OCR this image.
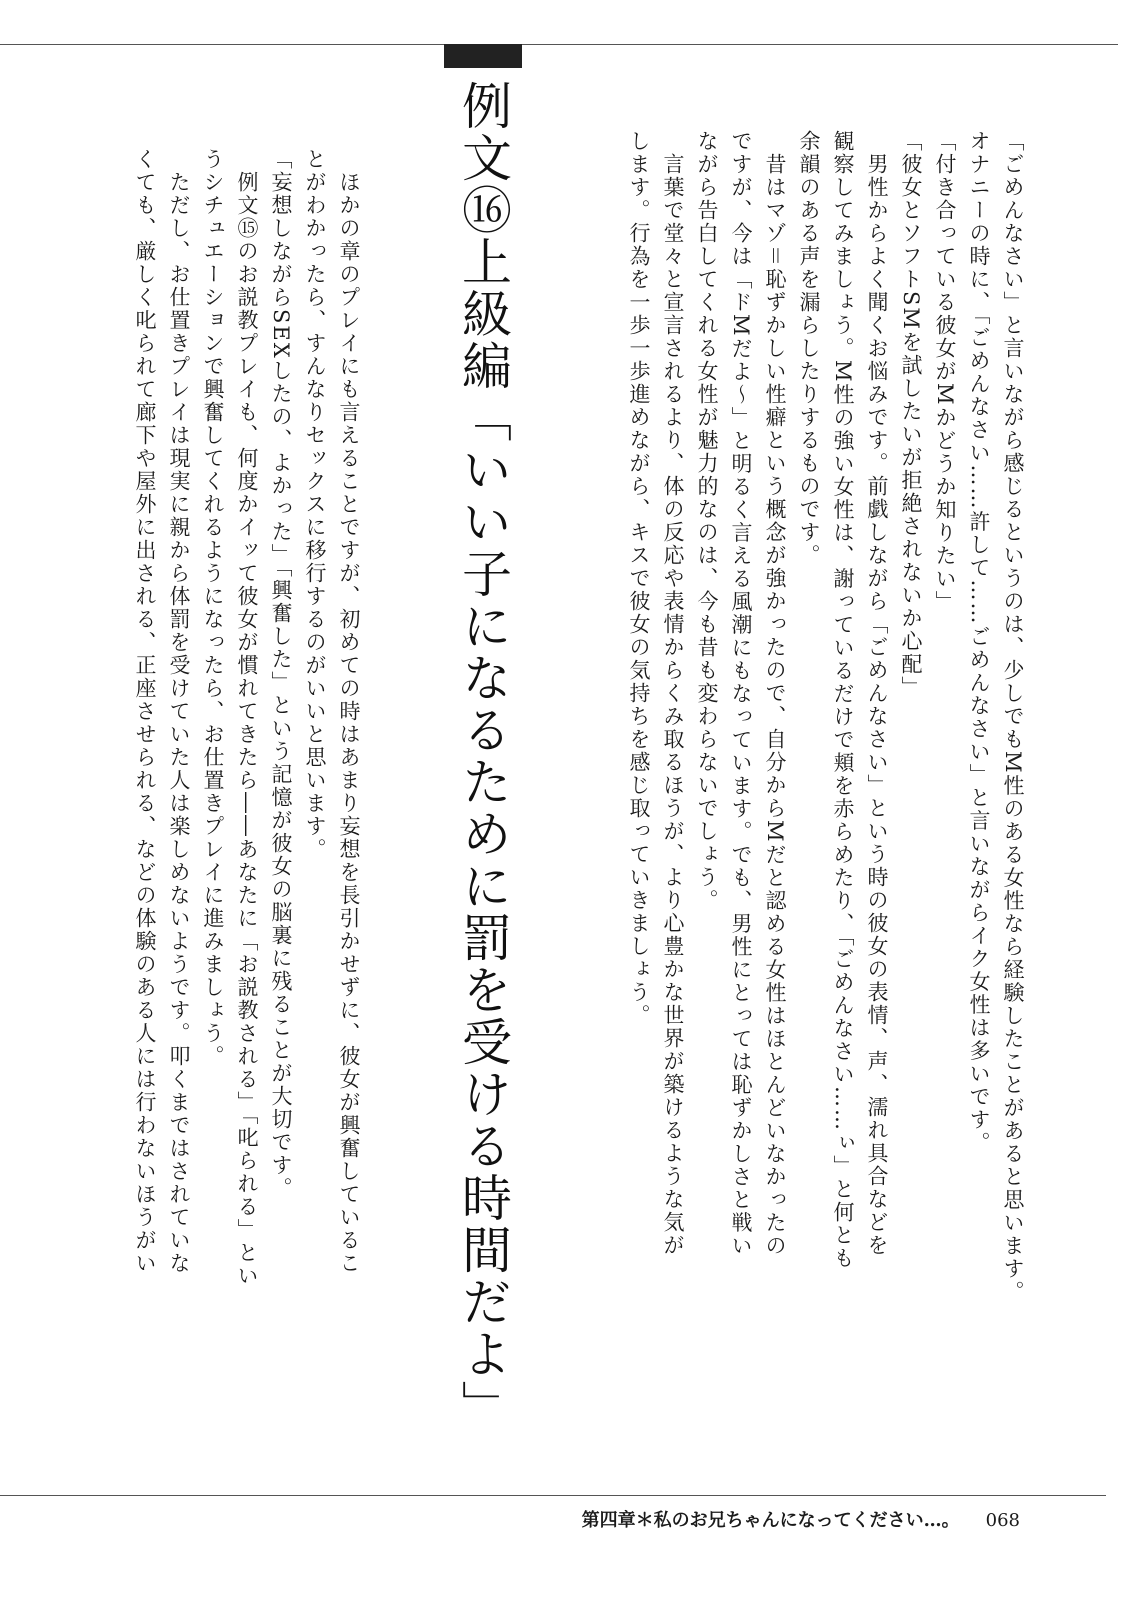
例文⑯上級編「いい子になるために罰を受ける時間だよ」	「ごめんなさい」と言いながら感じるというのは、少しでもM性のある女性なら経験したことがあると思います。
オナニーの時に、「ごめんなさい……許して……ごめんなさい」と言いながらイク女性は多いです。
「付き合っている彼女がMかどうか知りたい」
「彼女とソフトSMを試したいが拒絶されないか心配」
　男性からよく聞くお悩みです。前戯しながら「ごめんなさい」という時の彼女の表情、声、濡れ具合などを
観察してみましょう。M性の強い女性は、謝っているだけで頬を赤らめたり、「ごめんなさい……ぃ」と何とも
余韻のある声を漏らしたりするものです。
　昔はマゾ＝恥ずかしい性癖という概念が強かったので、自分からMだと認める女性はほとんどいなかったの
ですが、今は「ドMだよ〜」と明るく言える風潮にもなっています。でも、男性にとっては恥ずかしさと戦い
ながら告白してくれる女性が魅力的なのは、今も昔も変わらないでしょう。
　言葉で堂々と宣言されるより、体の反応や表情からくみ取るほうが、より心豊かな世界が築けるような気が
します。行為を一歩一歩進めながら、キスで彼女の気持ちを感じ取っていきましょう。
　ほかの章のプレイにも言えることですが、初めての時はあまり妄想を長引かせずに、彼女が興奮しているこ
とがわかったら、すんなりセックスに移行するのがいいと思います。
「妄想しながらSEXしたの、よかった」「興奮した」という記憶が彼女の脳裏に残ることが大切です。
　例文⑮のお説教プレイも、何度かイッて彼女が慣れてきたら――あなたに「お説教される」「叱られる」とい
うシチュエーションで興奮してくれるようになったら、お仕置きプレイに進みましょう。
　ただし、お仕置きプレイは現実に親から体罰を受けていた人は楽しめないようです。叩くまではされていな
くても、厳しく叱られて廊下や屋外に出される、正座させられる、などの体験のある人には行わないほうがい
第四章＊私のお兄ちゃんになってください…。 068
